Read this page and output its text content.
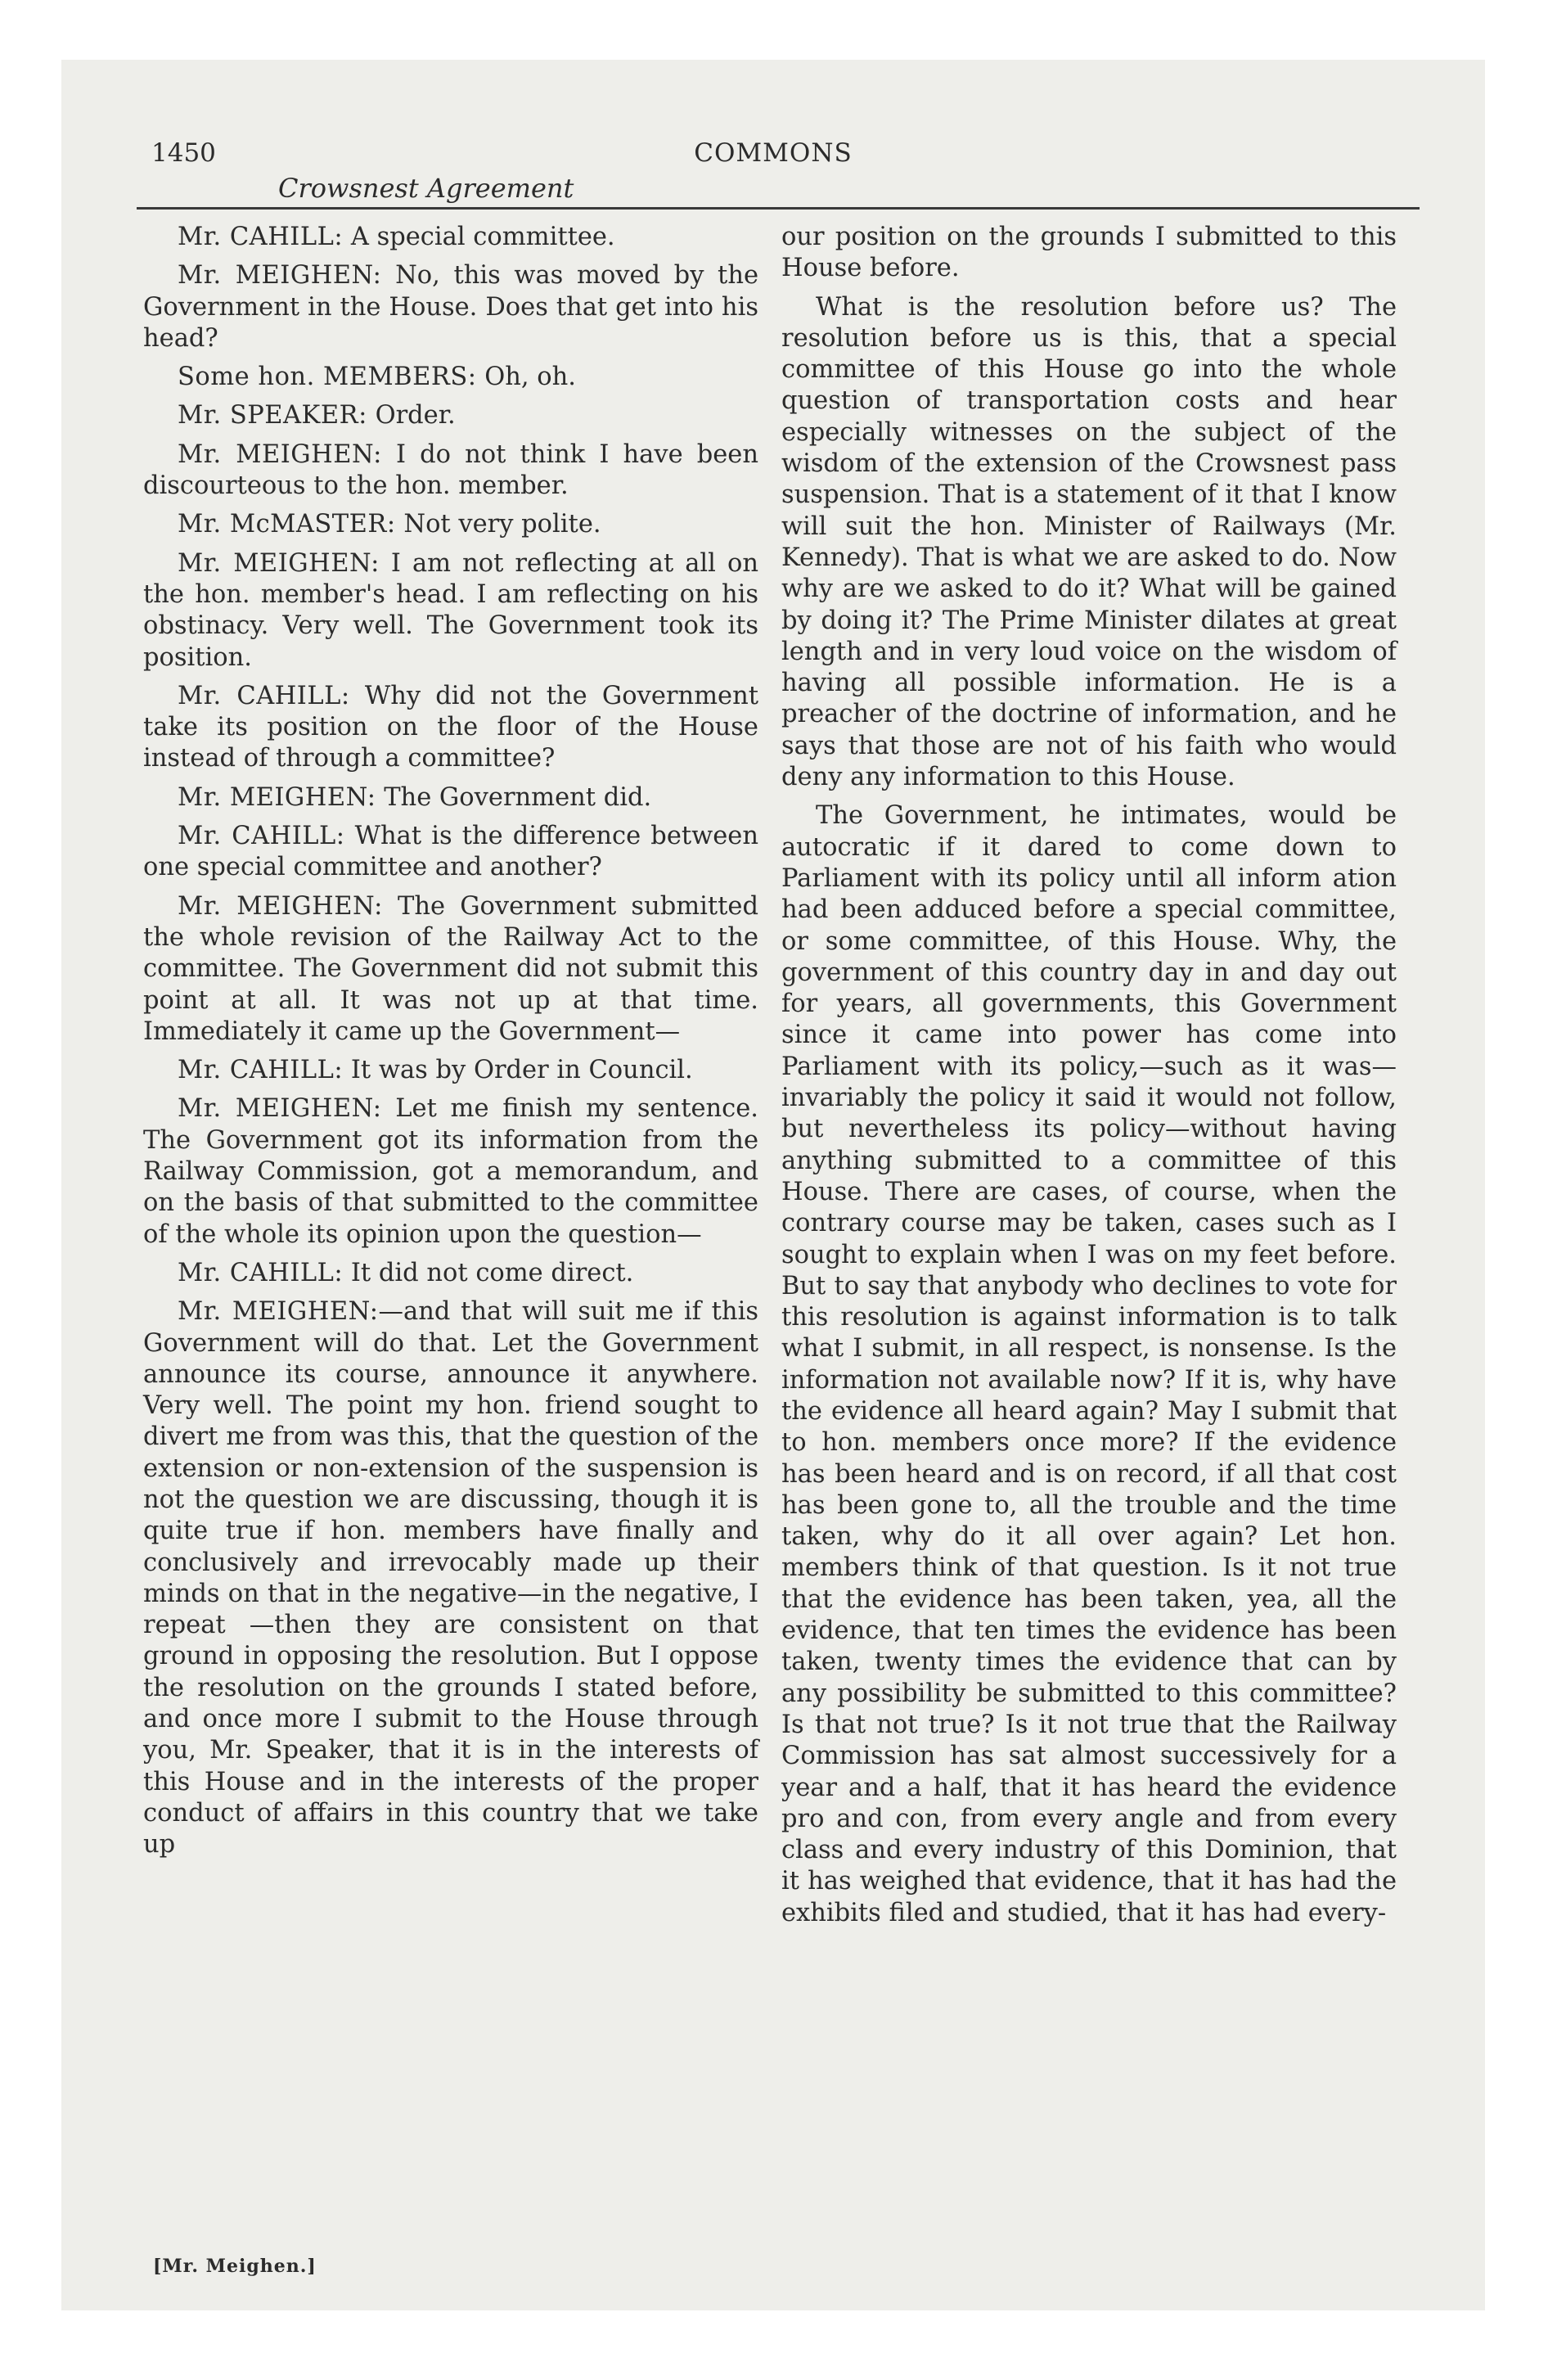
1450	COMMONS
Crowsnest Agreement

Mr. CAHILL: A special committee.

Mr. MEIGHEN: No, this was moved by the Government in the House. Does that get into his head?

Some hon. MEMBERS: Oh, oh.

Mr. SPEAKER: Order.

Mr. MEIGHEN: I do not think I have been discourteous to the hon. member.

Mr. McMASTER: Not very polite.

Mr. MEIGHEN: I am not reflecting at all on the hon. member's head. I am reflecting on his obstinacy. Very well. The Government took its position.

Mr. CAHILL: Why did not the Government take its position on the floor of the House instead of through a committee?

Mr. MEIGHEN: The Government did.

Mr. CAHILL: What is the difference between one special committee and another?

Mr. MEIGHEN: The Government submitted the whole revision of the Railway Act to the committee. The Government did not submit this point at all. It was not up at that time. Immediately it came up the Government—

Mr. CAHILL: It was by Order in Council.

Mr. MEIGHEN: Let me finish my sentence. The Government got its information from the Railway Commission, got a memorandum, and on the basis of that submitted to the committee of the whole its opinion upon the question—

Mr. CAHILL: It did not come direct.

Mr. MEIGHEN:—and that will suit me if this Government will do that. Let the Government announce its course, announce it anywhere. Very well. The point my hon. friend sought to divert me from was this, that the question of the extension or non-extension of the suspension is not the question we are discussing, though it is quite true if hon. members have finally and conclusively and irrevocably made up their minds on that in the negative—in the negative, I repeat —then they are consistent on that ground in opposing the resolution. But I oppose the resolution on the grounds I stated before, and once more I submit to the House through you, Mr. Speaker, that it is in the interests of this House and in the interests of the proper conduct of affairs in this country that we take up

our position on the grounds I submitted to this House before.

What is the resolution before us? The resolution before us is this, that a special committee of this House go into the whole question of transportation costs and hear especially witnesses on the subject of the wisdom of the extension of the Crowsnest pass suspension. That is a statement of it that I know will suit the hon. Minister of Railways (Mr. Kennedy). That is what we are asked to do. Now why are we asked to do it? What will be gained by doing it? The Prime Minister dilates at great length and in very loud voice on the wisdom of having all possible information. He is a preacher of the doctrine of information, and he says that those are not of his faith who would deny any information to this House.

The Government, he intimates, would be autocratic if it dared to come down to Parliament with its policy until all inform ation had been adduced before a special committee, or some committee, of this House. Why, the government of this country day in and day out for years, all governments, this Government since it came into power has come into Parliament with its policy,—such as it was—invariably the policy it said it would not follow, but nevertheless its policy—without having anything submitted to a committee of this House. There are cases, of course, when the contrary course may be taken, cases such as I sought to explain when I was on my feet before. But to say that anybody who declines to vote for this resolution is against information is to talk what I submit, in all respect, is nonsense. Is the information not available now? If it is, why have the evidence all heard again? May I submit that to hon. members once more? If the evidence has been heard and is on record, if all that cost has been gone to, all the trouble and the time taken, why do it all over again? Let hon. members think of that question. Is it not true that the evidence has been taken, yea, all the evidence, that ten times the evidence has been taken, twenty times the evidence that can by any possibility be submitted to this committee? Is that not true? Is it not true that the Railway Commission has sat almost successively for a year and a half, that it has heard the evidence pro and con, from every angle and from every class and every industry of this Dominion, that it has weighed that evidence, that it has had the exhibits filed and studied, that it has had every-

[Mr. Meighen.]
